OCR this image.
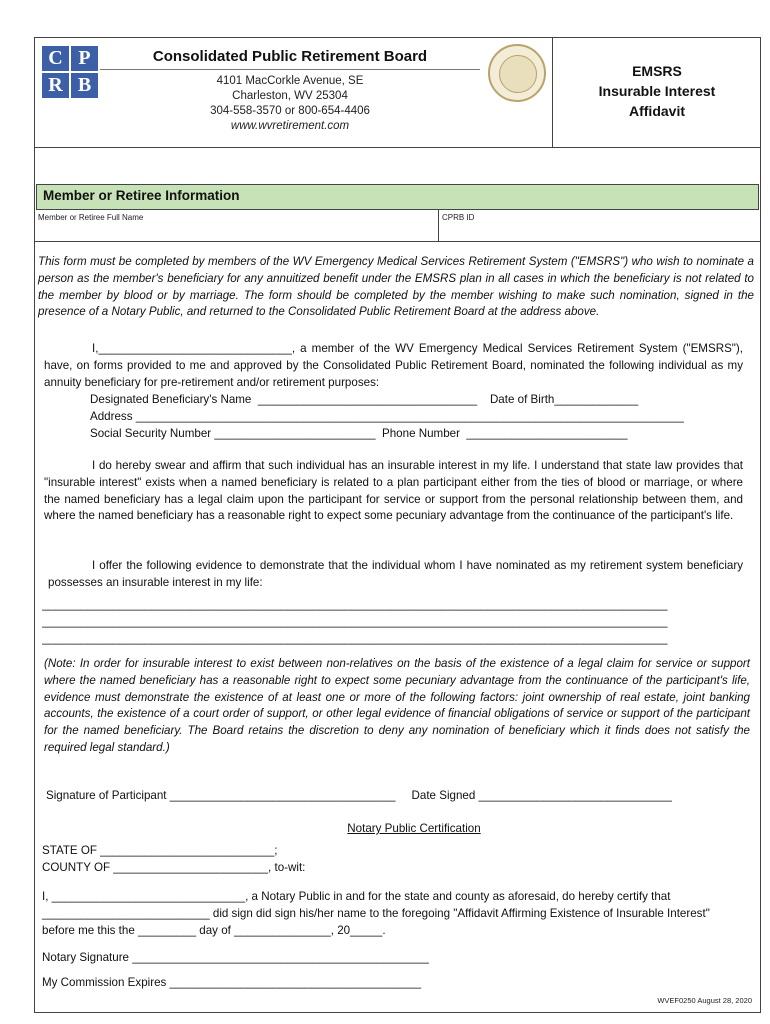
C P
R B
Consolidated Public Retirement Board
4101 MacCorkle Avenue, SE
Charleston, WV 25304
304-558-3570 or 800-654-4406
www.wvretirement.com
EMSRS
Insurable Interest
Affidavit
Member or Retiree Information
Member or Retiree Full Name	CPRB ID
This form must be completed by members of the WV Emergency Medical Services Retirement System ("EMSRS") who wish to nominate a person as the member's beneficiary for any annuitized benefit under the EMSRS plan in all cases in which the beneficiary is not related to the member by blood or by marriage. The form should be completed by the member wishing to make such nomination, signed in the presence of a Notary Public, and returned to the Consolidated Public Retirement Board at the address above.
I,______________________________, a member of the WV Emergency Medical Services Retirement System ("EMSRS"), have, on forms provided to me and approved by the Consolidated Public Retirement Board, nominated the following individual as my annuity beneficiary for pre-retirement and/or retirement purposes:
Designated Beneficiary's Name  __________________________________    Date of Birth_____________
Address _____________________________________________________________________________________
Social Security Number _________________________  Phone Number  _________________________
I do hereby swear and affirm that such individual has an insurable interest in my life. I understand that state law provides that "insurable interest" exists when a named beneficiary is related to a plan participant either from the ties of blood or marriage, or where the named beneficiary has a legal claim upon the participant for service or support from the personal relationship between them, and where the named beneficiary has a reasonable right to expect some pecuniary advantage from the continuance of the participant's life.
I offer the following evidence to demonstrate that the individual whom I have nominated as my retirement system beneficiary possesses an insurable interest in my life:
_________________________________________________________________________________________________
_________________________________________________________________________________________________
_________________________________________________________________________________________________
(Note: In order for insurable interest to exist between non-relatives on the basis of the existence of a legal claim for service or support where the named beneficiary has a reasonable right to expect some pecuniary advantage from the continuance of the participant's life, evidence must demonstrate the existence of at least one or more of the following factors: joint ownership of real estate, joint banking accounts, the existence of a court order of support, or other legal evidence of financial obligations of service or support of the participant for the named beneficiary. The Board retains the discretion to deny any nomination of beneficiary which it finds does not satisfy the required legal standard.)
Signature of Participant ___________________________________     Date Signed ______________________________
Notary Public Certification
STATE OF ___________________________;
COUNTY OF ________________________, to-wit:
I, ______________________________, a Notary Public in and for the state and county as aforesaid, do hereby certify that __________________________ did sign did sign his/her name to the foregoing "Affidavit Affirming Existence of Insurable Interest" before me this the _________ day of _______________, 20_____.
Notary Signature ______________________________________________
My Commission Expires _______________________________________
WVEF0250 August 28, 2020
